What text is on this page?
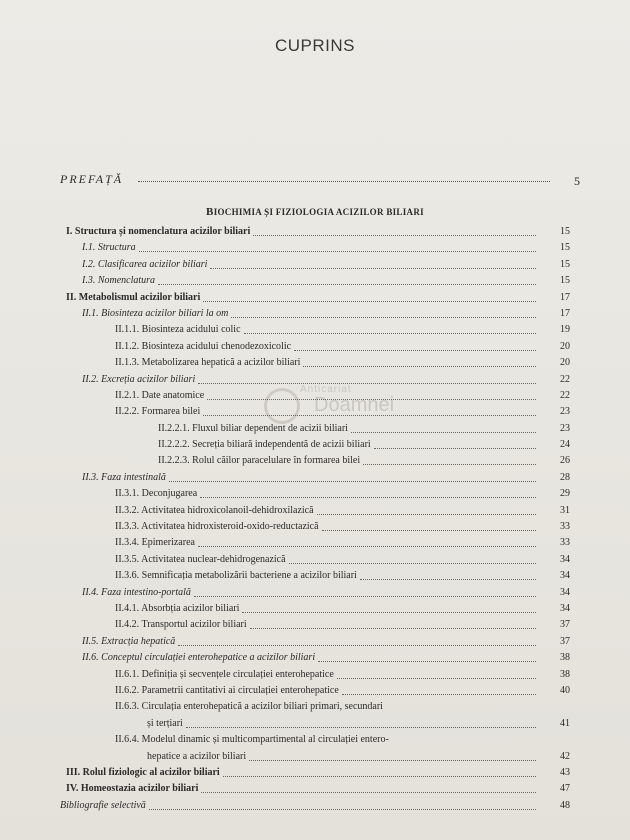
CUPRINS
PREFAȚĂ	5
BIOCHIMIA ȘI FIZIOLOGIA ACIZILOR BILIARI
Anticariat
Doamnei
I. Structura și nomenclatura acizilor biliari	15
I.1. Structura	15
I.2. Clasificarea acizilor biliari	15
I.3. Nomenclatura	15
II. Metabolismul acizilor biliari	17
II.1. Biosinteza acizilor biliari la om	17
II.1.1. Biosinteza acidului colic	19
II.1.2. Biosinteza acidului chenodezoxicolic	20
II.1.3. Metabolizarea hepatică a acizilor biliari	20
II.2. Excreția acizilor biliari	22
II.2.1. Date anatomice	22
II.2.2. Formarea bilei	23
II.2.2.1. Fluxul biliar dependent de acizii biliari	23
II.2.2.2. Secreția biliară independentă de acizii biliari	24
II.2.2.3. Rolul căilor paracelulare în formarea bilei	26
II.3. Faza intestinală	28
II.3.1. Deconjugarea	29
II.3.2. Activitatea hidroxicolanoil-dehidroxilazică	31
II.3.3. Activitatea hidroxisteroid-oxido-reductazică	33
II.3.4. Epimerizarea	33
II.3.5. Activitatea nuclear-dehidrogenazică	34
II.3.6. Semnificația metabolizării bacteriene a acizilor biliari	34
II.4. Faza intestino-portală	34
II.4.1. Absorbția acizilor biliari	34
II.4.2. Transportul acizilor biliari	37
II.5. Extracția hepatică	37
II.6. Conceptul circulației enterohepatice a acizilor biliari	38
II.6.1. Definiția și secvențele circulației enterohepatice	38
II.6.2. Parametrii cantitativi ai circulației enterohepatice	40
II.6.3. Circulația enterohepatică a acizilor biliari primari, secundari
și terțiari	41
II.6.4. Modelul dinamic și multicompartimental al circulației entero-
hepatice a acizilor biliari	42
III. Rolul fiziologic al acizilor biliari	43
IV. Homeostazia acizilor biliari	47
Bibliografie selectivă	48
